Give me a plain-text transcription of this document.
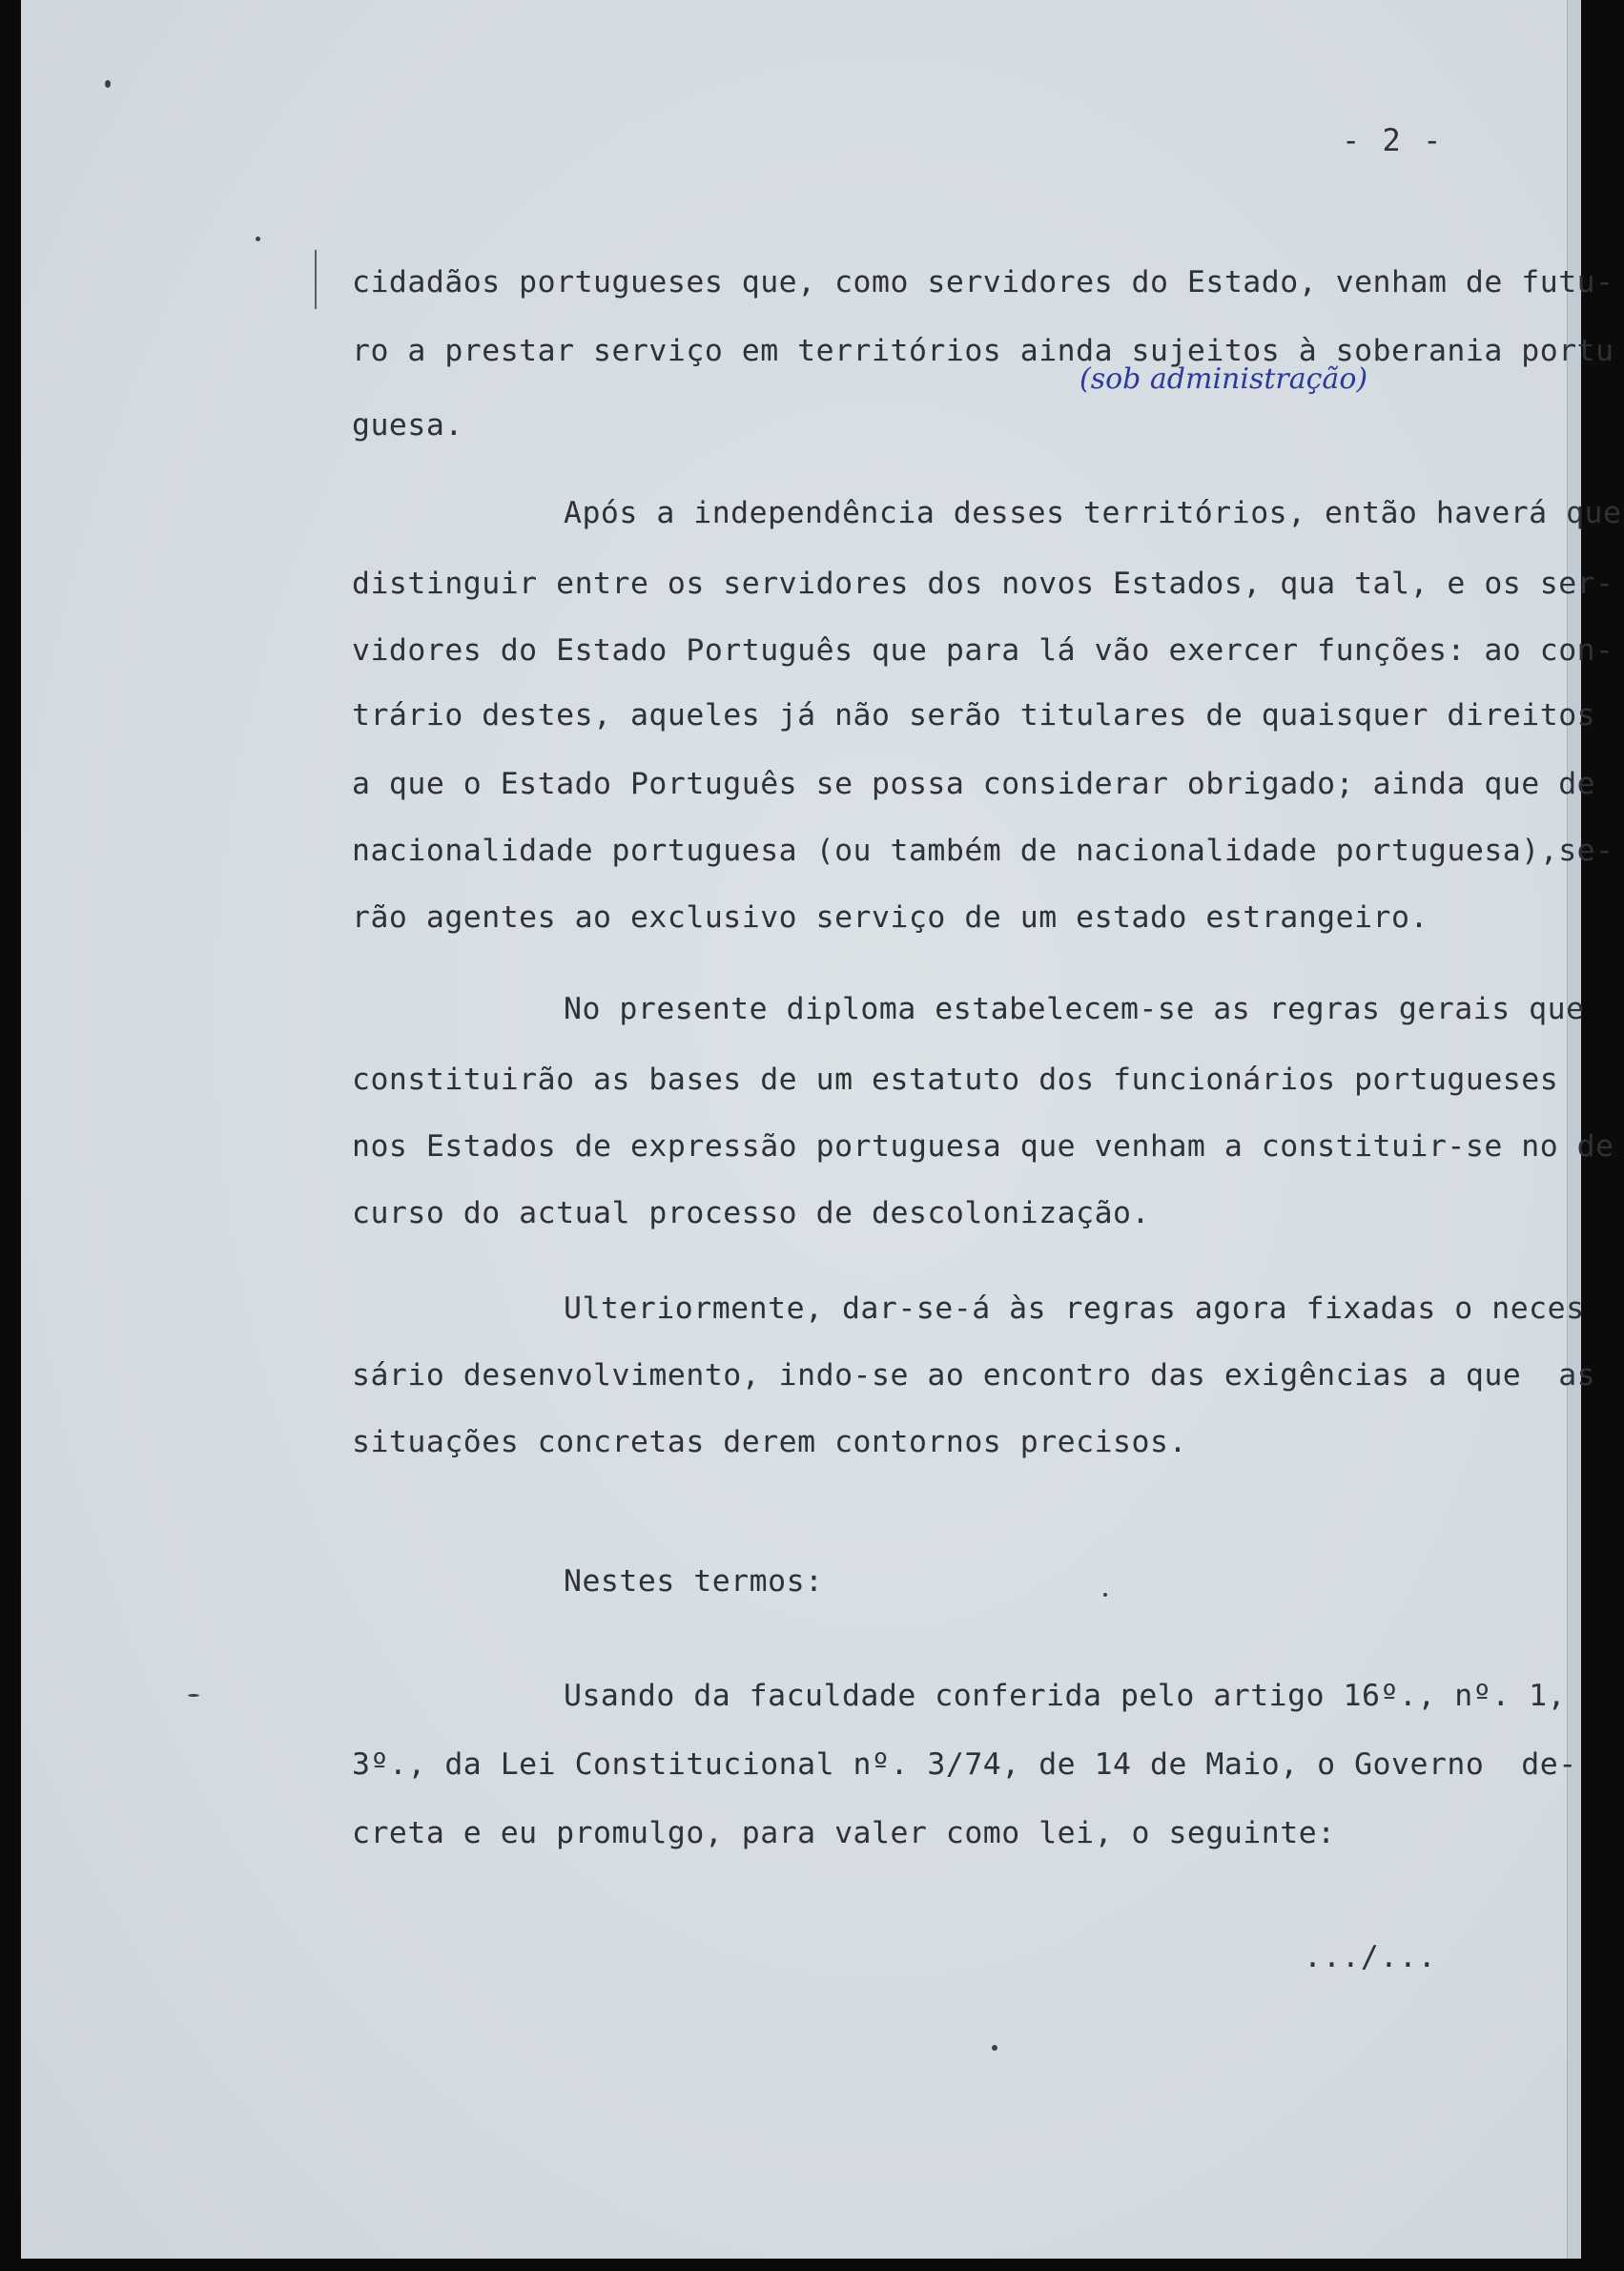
- 2 -
cidadãos portugueses que, como servidores do Estado, venham de futu-
ro a prestar serviço em territórios ainda sujeitos à soberania portu
(sob administração)
guesa.
Após a independência desses territórios, então haverá que
distinguir entre os servidores dos novos Estados, qua tal, e os ser-
vidores do Estado Português que para lá vão exercer funções: ao con-
trário destes, aqueles já não serão titulares de quaisquer direitos
a que o Estado Português se possa considerar obrigado; ainda que de
nacionalidade portuguesa (ou também de nacionalidade portuguesa),se-
rão agentes ao exclusivo serviço de um estado estrangeiro.
No presente diploma estabelecem-se as regras gerais que
constituirão as bases de um estatuto dos funcionários portugueses
nos Estados de expressão portuguesa que venham a constituir-se no de
curso do actual processo de descolonização.
Ulteriormente, dar-se-á às regras agora fixadas o neces
sário desenvolvimento, indo-se ao encontro das exigências a que  as
situações concretas derem contornos precisos.
Nestes termos:
Usando da faculdade conferida pelo artigo 16º., nº. 1,
3º., da Lei Constitucional nº. 3/74, de 14 de Maio, o Governo  de-
creta e eu promulgo, para valer como lei, o seguinte:
.../...
